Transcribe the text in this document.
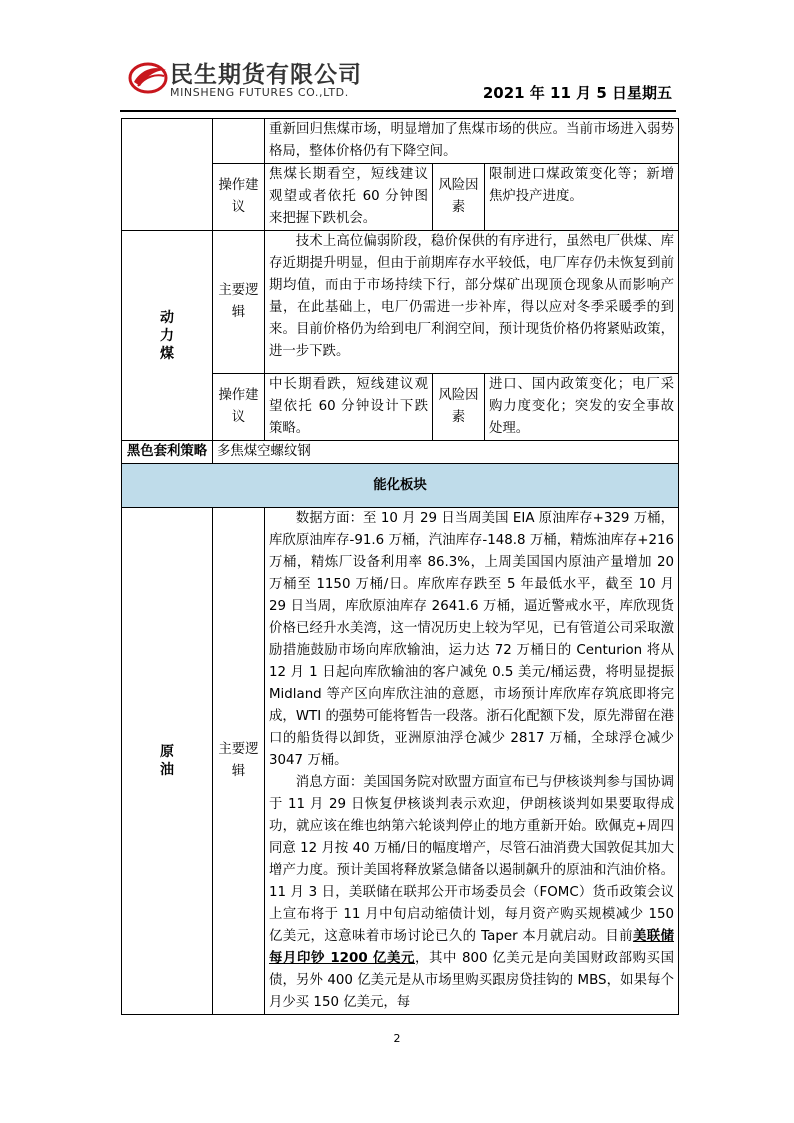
民生期货有限公司
MINSHENG FUTURES CO.,LTD.	2021 年 11 月 5 日星期五
		重新回归焦煤市场，明显增加了焦煤市场的供应。当前市场进入弱势格局，整体价格仍有下降空间。		
	操作建议	焦煤长期看空，短线建议观望或者依托 60 分钟图来把握下跌机会。	风险因素	限制进口煤政策变化等；新增焦炉投产进度。

动力煤	主要逻辑	技术上高位偏弱阶段，稳价保供的有序进行，虽然电厂供煤、库存近期提升明显，但由于前期库存水平较低，电厂库存仍未恢复到前期均值，而由于市场持续下行，部分煤矿出现顶仓现象从而影响产量，在此基础上，电厂仍需进一步补库，得以应对冬季采暖季的到来。目前价格仍为给到电厂利润空间，预计现货价格仍将紧贴政策，进一步下跌。		

	操作建议	中长期看跌，短线建议观望依托 60 分钟设计下跌策略。	风险因素	进口、国内政策变化；电厂采购力度变化；突发的安全事故处理。
黑色套利策略	多焦煤空螺纹钢			
能化板块				

原油	主要逻辑	数据方面：至 10 月 29 日当周美国 EIA 原油库存+329 万桶，库欣原油库存-91.6 万桶，汽油库存-148.8 万桶，精炼油库存+216 万桶，精炼厂设备利用率 86.3%，上周美国国内原油产量增加 20 万桶至 1150 万桶/日。库欣库存跌至 5 年最低水平，截至 10 月 29 日当周，库欣原油库存 2641.6 万桶，逼近警戒水平，库欣现货价格已经升水美湾，这一情况历史上较为罕见，已有管道公司采取激励措施鼓励市场向库欣输油，运力达 72 万桶日的 Centurion 将从 12 月 1 日起向库欣输油的客户减免 0.5 美元/桶运费，将明显提振 Midland 等产区向库欣注油的意愿，市场预计库欣库存筑底即将完成，WTI 的强势可能将暂告一段落。浙石化配额下发，原先滞留在港口的船货得以卸货，亚洲原油浮仓减少 2817 万桶，全球浮仓减少 3047 万桶。

消息方面：美国国务院对欧盟方面宣布已与伊核谈判参与国协调于 11 月 29 日恢复伊核谈判表示欢迎，伊朗核谈判如果要取得成功，就应该在维也纳第六轮谈判停止的地方重新开始。欧佩克+周四同意 12 月按 40 万桶/日的幅度增产，尽管石油消费大国敦促其加大增产力度。预计美国将释放紧急储备以遏制飙升的原油和汽油价格。11 月 3 日，美联储在联邦公开市场委员会（FOMC）货币政策会议上宣布将于 11 月中旬启动缩债计划，每月资产购买规模减少 150 亿美元，这意味着市场讨论已久的 Taper 本月就启动。目前美联储每月印钞 1200 亿美元，其中 800 亿美元是向美国财政部购买国债，另外 400 亿美元是从市场里购买跟房贷挂钩的 MBS，如果每个月少买 150 亿美元，每		

2
